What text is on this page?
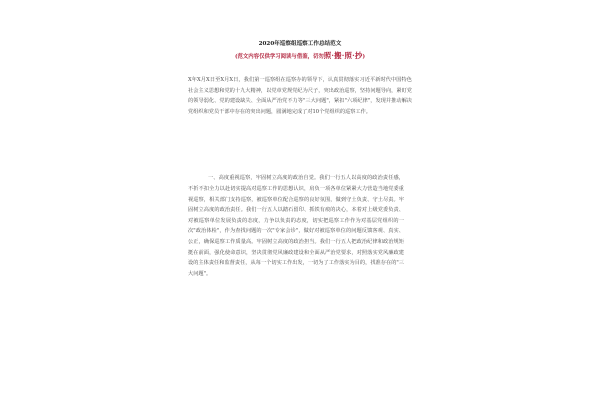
2020年巡察组巡察工作总结范文
(范文内容仅供学习阅读与借鉴，切勿照·搬·照·抄)

X年X月X日至X月X日，我们第一巡察组在巡察办的领导下，认真贯彻落实习近平新时代中国特色社会主义思想和党的十九大精神，以党章党规党纪为尺子，突出政治巡察，坚持问题导向，紧盯党的领导弱化、党的建设缺失、全面从严治党不力等"三大问题"，紧扣"六项纪律"，发现并推动解决党组织和党员干部中存在的突出问题，圆满地完成了对10个党组织的巡察工作。

一、高度重视巡察，牢固树立高度的政治自觉。我们一行五人以高度的政治责任感，不折不扣全力以赴切实提高对巡察工作的思想认识，肩负一项各单位紧紧大力营造当地党委重视巡察，相关部门支持巡察，被巡察单位配合巡察的良好氛围，做到守土负责、守土尽责。牢固树立高度的政治责任。我们一行五人以踏石留印、抓铁有痕的决心，本着对上级党委负责、对被巡察单位发展负责的态度，力争以负责的态度，切实把巡察工作作为对基层党组织的一次"政治体检"，作为查找问题的一次"专家会诊"，做好对被巡察单位的问题反馈客观、真实、公正，确保巡察工作质量高。牢固树立高度的政治担当。我们一行五人把政治纪律和政治规矩挺在前面，强化使命意识，坚决贯彻党风廉政建设和全面从严治党要求，对照落实党风廉政建设的主体责任和监督责任，从每一个切实工作出发，一切为了工作落实为目的，找准存在的"三大问题"。
